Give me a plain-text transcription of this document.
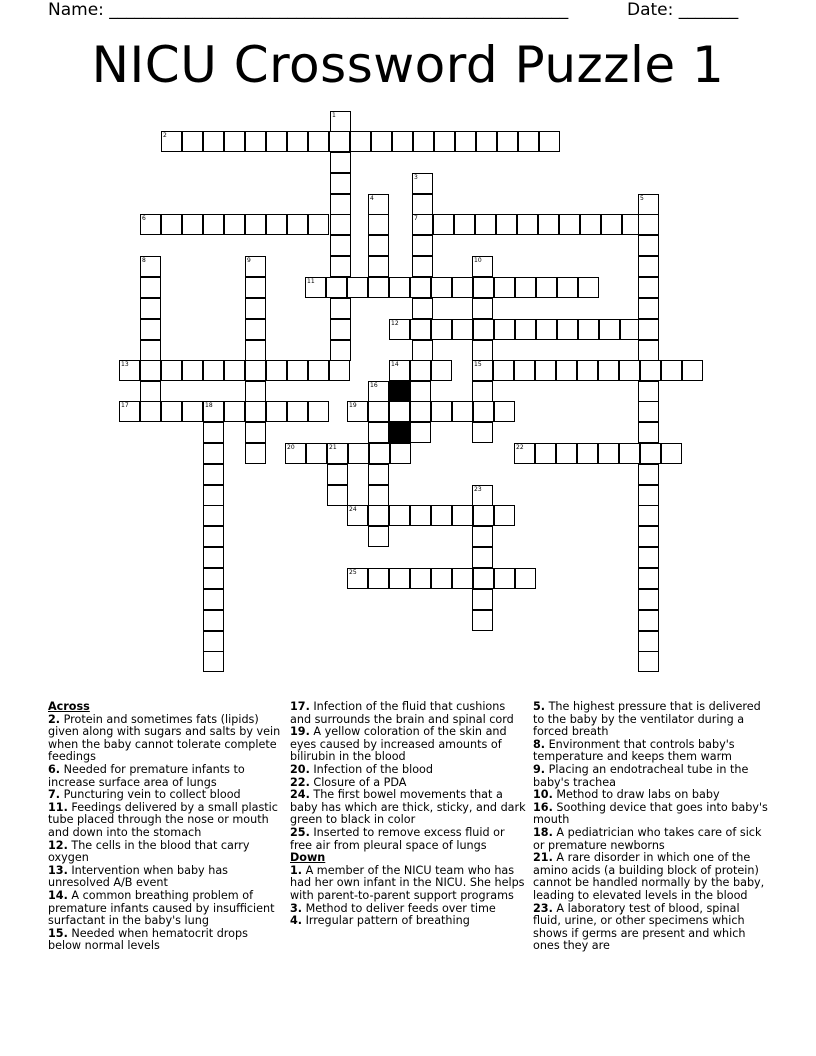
Name: ______________________________________________________	Date: _______
NICU Crossword Puzzle 1
1
2
3
4	5
6	7
8	9	10
11
12
13	14	15
16
17	18	19
20	21	22
23
24
25
Across
2. Protein and sometimes fats (lipids) given along with sugars and salts by vein when the baby cannot tolerate complete feedings
6. Needed for premature infants to increase surface area of lungs
7. Puncturing vein to collect blood
11. Feedings delivered by a small plastic tube placed through the nose or mouth and down into the stomach
12. The cells in the blood that carry oxygen
13. Intervention when baby has unresolved A/B event
14. A common breathing problem of premature infants caused by insufficient surfactant in the baby's lung
15. Needed when hematocrit drops below normal levels
17. Infection of the fluid that cushions and surrounds the brain and spinal cord
19. A yellow coloration of the skin and eyes caused by increased amounts of bilirubin in the blood
20. Infection of the blood
22. Closure of a PDA
24. The first bowel movements that a baby has which are thick, sticky, and dark green to black in color
25. Inserted to remove excess fluid or free air from pleural space of lungs
Down
1. A member of the NICU team who has had her own infant in the NICU. She helps with parent-to-parent support programs
3. Method to deliver feeds over time
4. Irregular pattern of breathing
5. The highest pressure that is delivered to the baby by the ventilator during a forced breath
8. Environment that controls baby's temperature and keeps them warm
9. Placing an endotracheal tube in the baby's trachea
10. Method to draw labs on baby
16. Soothing device that goes into baby's mouth
18. A pediatrician who takes care of sick or premature newborns
21. A rare disorder in which one of the amino acids (a building block of protein) cannot be handled normally by the baby, leading to elevated levels in the blood
23. A laboratory test of blood, spinal fluid, urine, or other specimens which shows if germs are present and which ones they are
